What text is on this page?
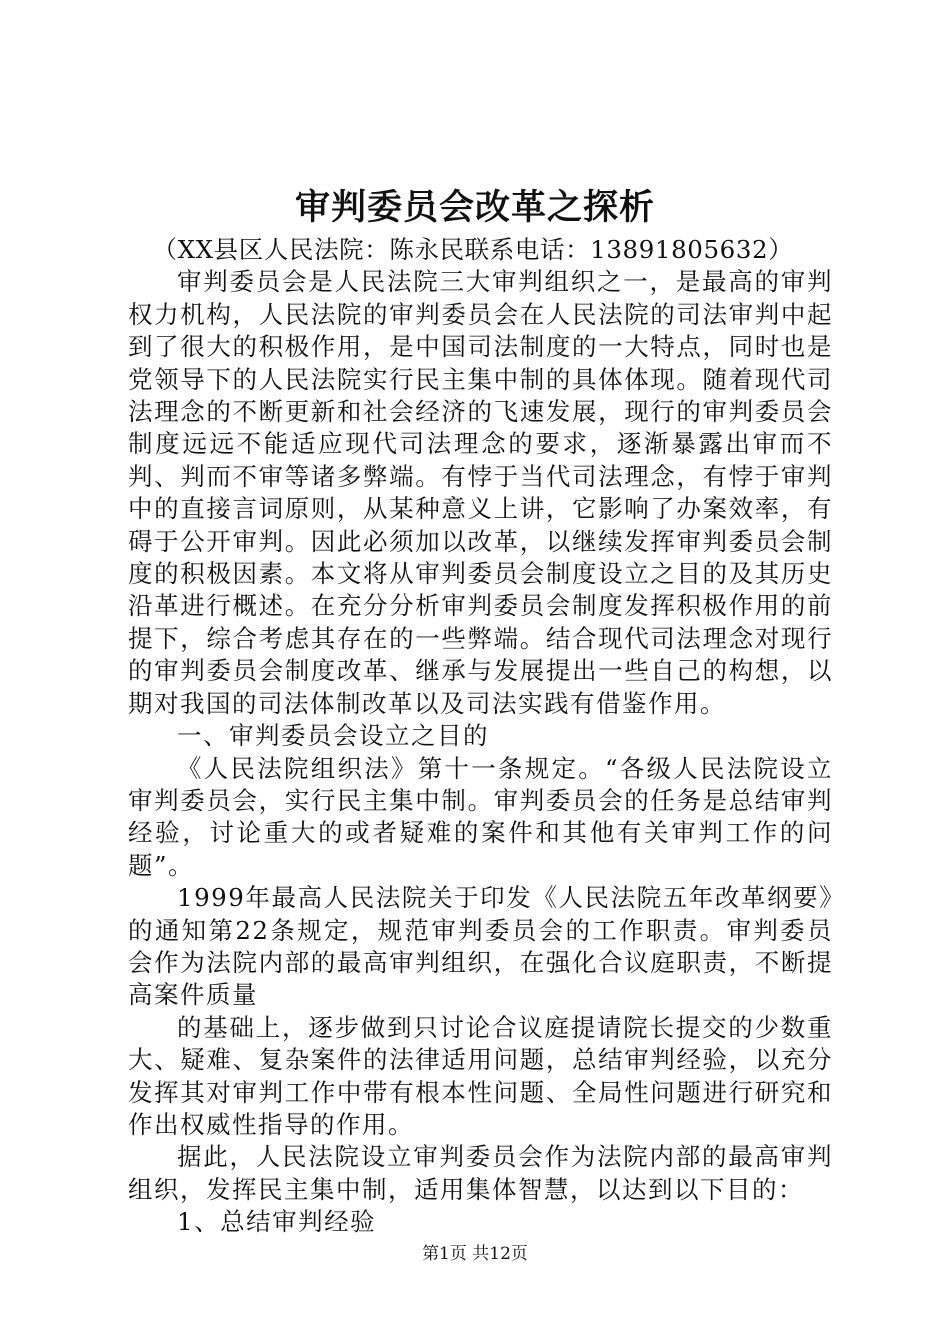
审判委员会改革之探析

（XX县区人民法院：陈永民联系电话：13891805632）

审判委员会是人民法院三大审判组织之一，是最高的审判权力机构，人民法院的审判委员会在人民法院的司法审判中起到了很大的积极作用，是中国司法制度的一大特点，同时也是党领导下的人民法院实行民主集中制的具体体现。随着现代司法理念的不断更新和社会经济的飞速发展，现行的审判委员会制度远远不能适应现代司法理念的要求，逐渐暴露出审而不判、判而不审等诸多弊端。有悖于当代司法理念，有悖于审判中的直接言词原则，从某种意义上讲，它影响了办案效率，有碍于公开审判。因此必须加以改革，以继续发挥审判委员会制度的积极因素。本文将从审判委员会制度设立之目的及其历史沿革进行概述。在充分分析审判委员会制度发挥积极作用的前提下，综合考虑其存在的一些弊端。结合现代司法理念对现行的审判委员会制度改革、继承与发展提出一些自己的构想，以期对我国的司法体制改革以及司法实践有借鉴作用。

一、审判委员会设立之目的

《人民法院组织法》第十一条规定。“各级人民法院设立审判委员会，实行民主集中制。审判委员会的任务是总结审判经验，讨论重大的或者疑难的案件和其他有关审判工作的问题”。

1999年最高人民法院关于印发《人民法院五年改革纲要》的通知第22条规定，规范审判委员会的工作职责。审判委员会作为法院内部的最高审判组织，在强化合议庭职责，不断提高案件质量

的基础上，逐步做到只讨论合议庭提请院长提交的少数重大、疑难、复杂案件的法律适用问题，总结审判经验，以充分发挥其对审判工作中带有根本性问题、全局性问题进行研究和作出权威性指导的作用。

据此，人民法院设立审判委员会作为法院内部的最高审判组织，发挥民主集中制，适用集体智慧，以达到以下目的：

1、总结审判经验

第1页 共12页
